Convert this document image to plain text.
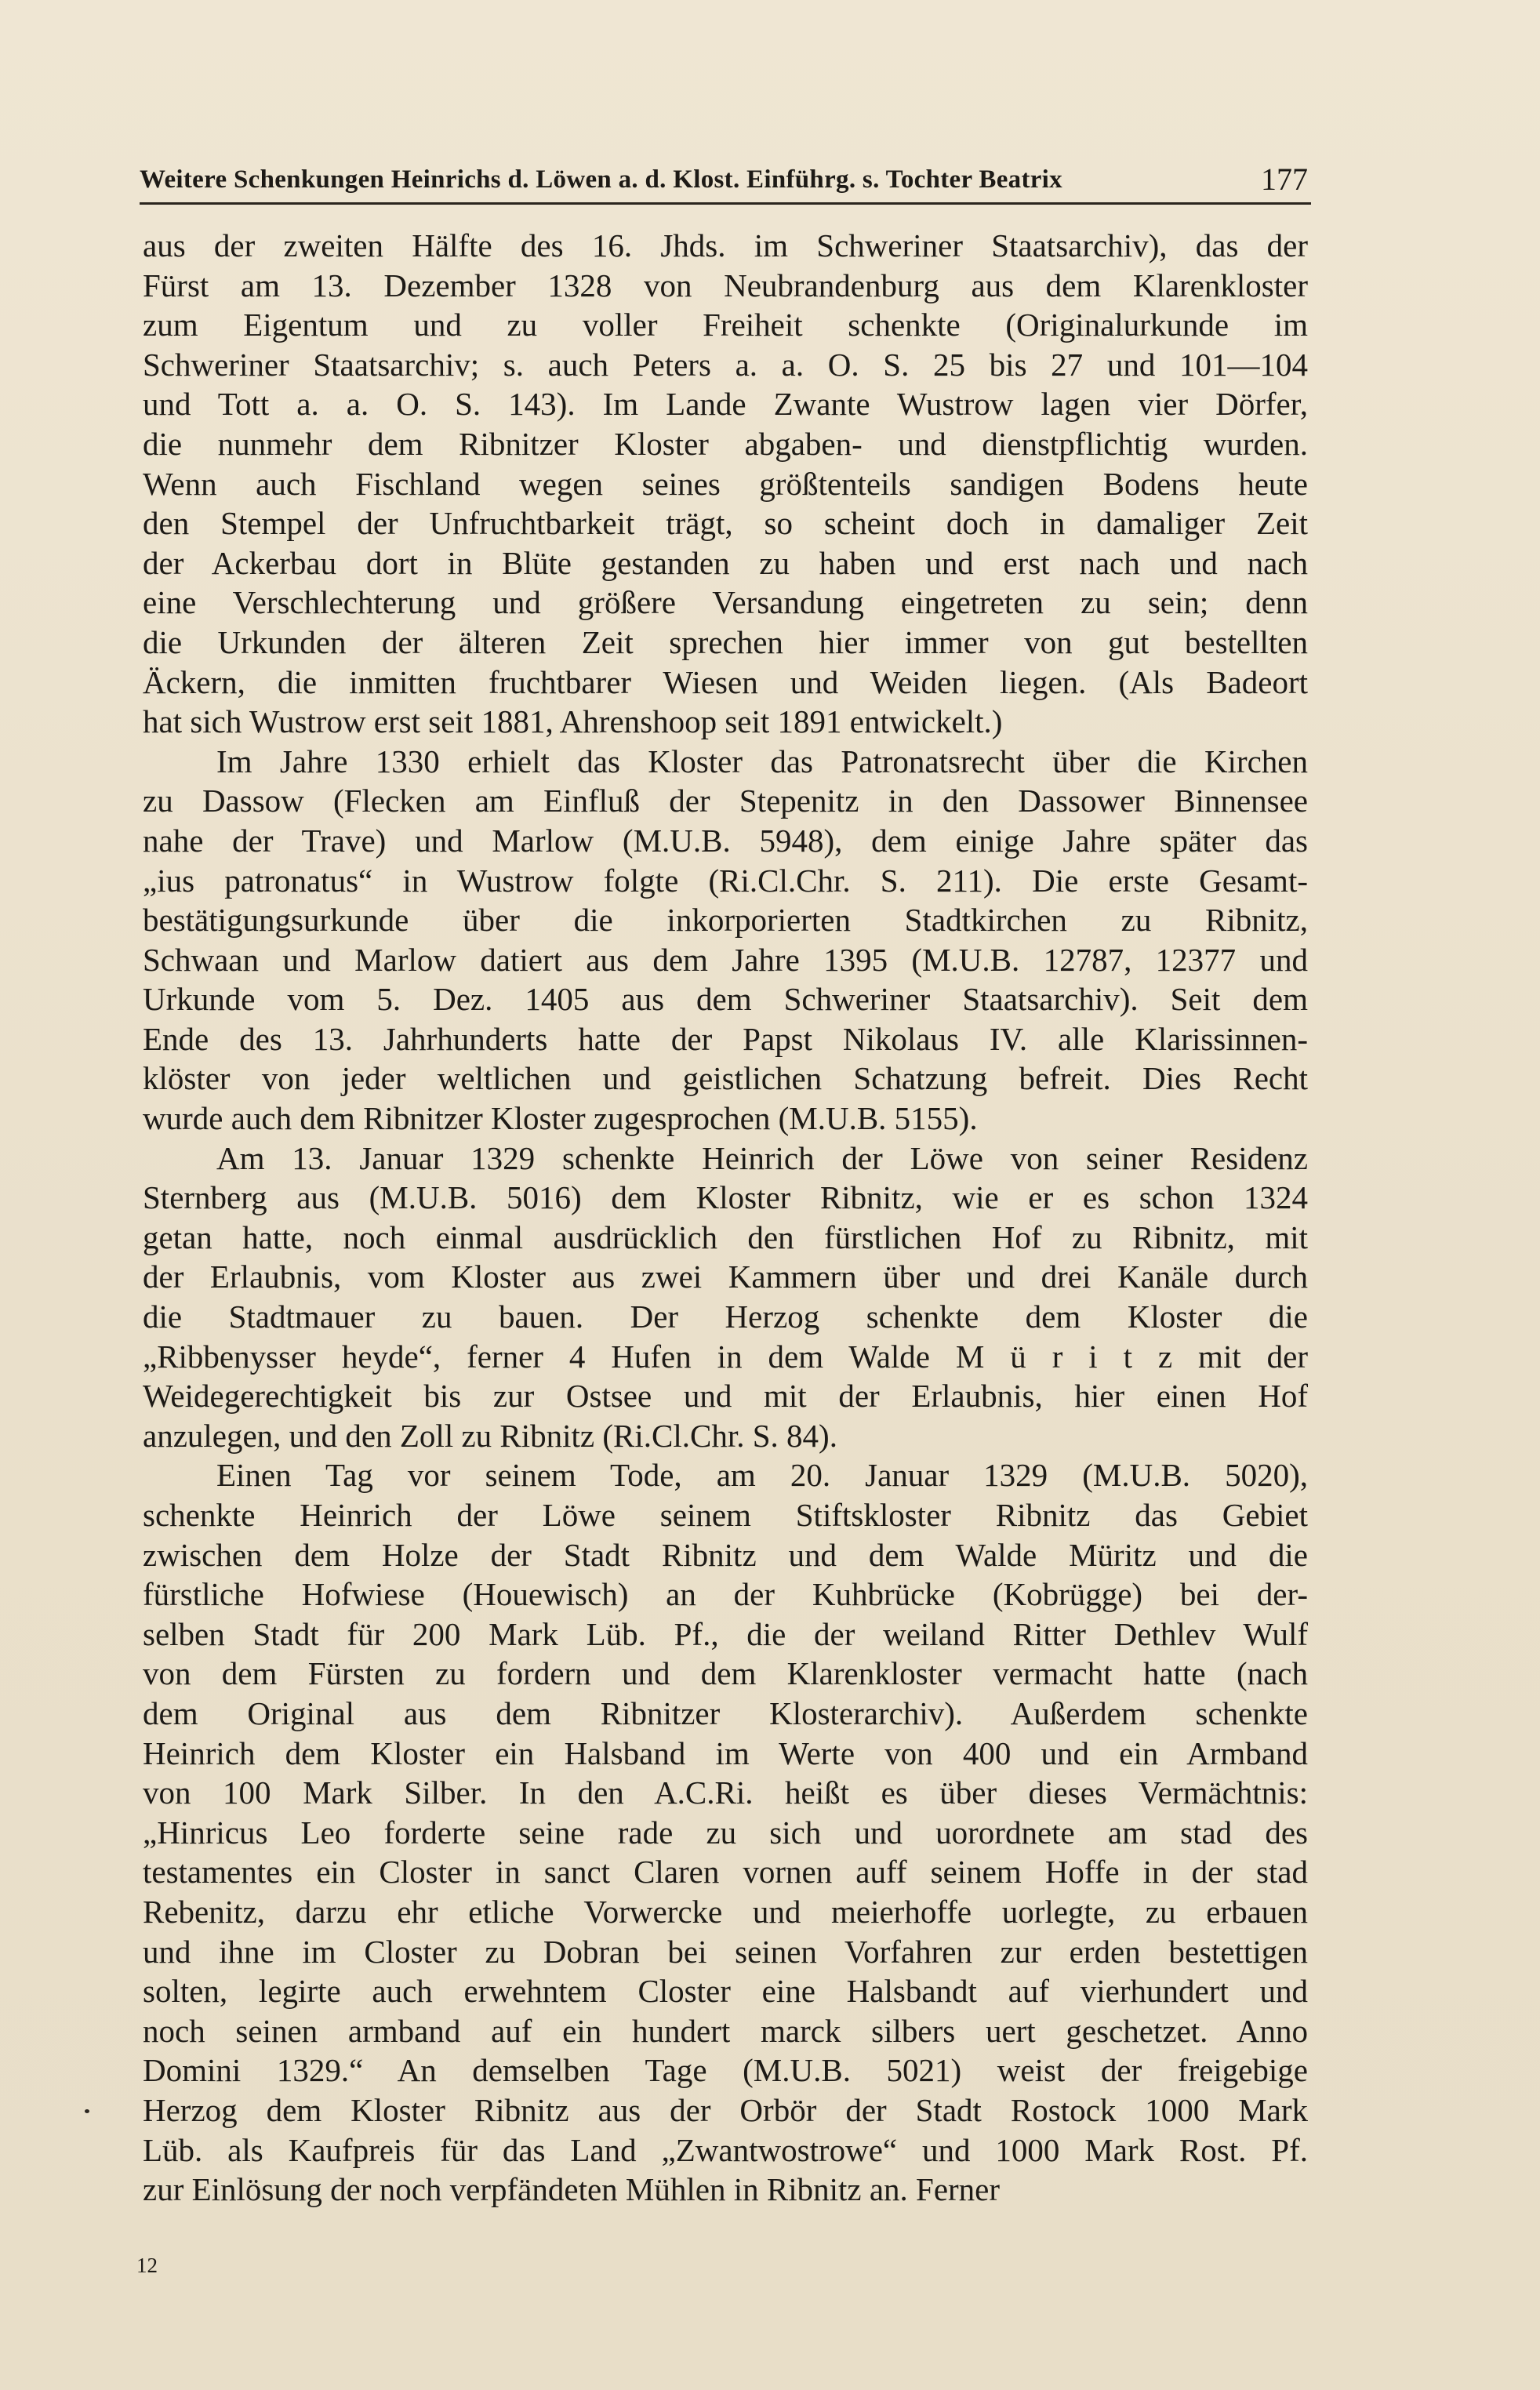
Weitere Schenkungen Heinrichs d. Löwen a. d. Klost. Einführg. s. Tochter Beatrix	177
aus der zweiten Hälfte des 16. Jhds. im Schweriner Staatsarchiv), das der
Fürst am 13. Dezember 1328 von Neubrandenburg aus dem Klarenkloster
zum Eigentum und zu voller Freiheit schenkte (Originalurkunde im
Schweriner Staatsarchiv; s. auch Peters a. a. O. S. 25 bis 27 und 101—104
und Tott a. a. O. S. 143). Im Lande Zwante Wustrow lagen vier Dörfer,
die nunmehr dem Ribnitzer Kloster abgaben- und dienstpflichtig wurden.
Wenn auch Fischland wegen seines größtenteils sandigen Bodens heute
den Stempel der Unfruchtbarkeit trägt, so scheint doch in damaliger Zeit
der Ackerbau dort in Blüte gestanden zu haben und erst nach und nach
eine Verschlechterung und größere Versandung eingetreten zu sein; denn
die Urkunden der älteren Zeit sprechen hier immer von gut bestellten
Äckern, die inmitten fruchtbarer Wiesen und Weiden liegen. (Als Badeort
hat sich Wustrow erst seit 1881, Ahrenshoop seit 1891 entwickelt.)
Im Jahre 1330 erhielt das Kloster das Patronatsrecht über die Kirchen
zu Dassow (Flecken am Einfluß der Stepenitz in den Dassower Binnensee
nahe der Trave) und Marlow (M.U.B. 5948), dem einige Jahre später das
„ius patronatus“ in Wustrow folgte (Ri.Cl.Chr. S. 211). Die erste Gesamt-
bestätigungsurkunde über die inkorporierten Stadtkirchen zu Ribnitz,
Schwaan und Marlow datiert aus dem Jahre 1395 (M.U.B. 12787, 12377 und
Urkunde vom 5. Dez. 1405 aus dem Schweriner Staatsarchiv). Seit dem
Ende des 13. Jahrhunderts hatte der Papst Nikolaus IV. alle Klarissinnen-
klöster von jeder weltlichen und geistlichen Schatzung befreit. Dies Recht
wurde auch dem Ribnitzer Kloster zugesprochen (M.U.B. 5155).
Am 13. Januar 1329 schenkte Heinrich der Löwe von seiner Residenz
Sternberg aus (M.U.B. 5016) dem Kloster Ribnitz, wie er es schon 1324
getan hatte, noch einmal ausdrücklich den fürstlichen Hof zu Ribnitz, mit
der Erlaubnis, vom Kloster aus zwei Kammern über und drei Kanäle durch
die Stadtmauer zu bauen. Der Herzog schenkte dem Kloster die
„Ribbenysser heyde“, ferner 4 Hufen in dem Walde M ü r i t z mit der
Weidegerechtigkeit bis zur Ostsee und mit der Erlaubnis, hier einen Hof
anzulegen, und den Zoll zu Ribnitz (Ri.Cl.Chr. S. 84).
Einen Tag vor seinem Tode, am 20. Januar 1329 (M.U.B. 5020),
schenkte Heinrich der Löwe seinem Stiftskloster Ribnitz das Gebiet
zwischen dem Holze der Stadt Ribnitz und dem Walde Müritz und die
fürstliche Hofwiese (Houewisch) an der Kuhbrücke (Kobrügge) bei der-
selben Stadt für 200 Mark Lüb. Pf., die der weiland Ritter Dethlev Wulf
von dem Fürsten zu fordern und dem Klarenkloster vermacht hatte (nach
dem Original aus dem Ribnitzer Klosterarchiv). Außerdem schenkte
Heinrich dem Kloster ein Halsband im Werte von 400 und ein Armband
von 100 Mark Silber. In den A.C.Ri. heißt es über dieses Vermächtnis:
„Hinricus Leo forderte seine rade zu sich und uorordnete am stad des
testamentes ein Closter in sanct Claren vornen auff seinem Hoffe in der stad
Rebenitz, darzu ehr etliche Vorwercke und meierhoffe uorlegte, zu erbauen
und ihne im Closter zu Dobran bei seinen Vorfahren zur erden bestettigen
solten, legirte auch erwehntem Closter eine Halsbandt auf vierhundert und
noch seinen armband auf ein hundert marck silbers uert geschetzet. Anno
Domini 1329.“ An demselben Tage (M.U.B. 5021) weist der freigebige
Herzog dem Kloster Ribnitz aus der Orbör der Stadt Rostock 1000 Mark
Lüb. als Kaufpreis für das Land „Zwantwostrowe“ und 1000 Mark Rost. Pf.
zur Einlösung der noch verpfändeten Mühlen in Ribnitz an. Ferner
12
